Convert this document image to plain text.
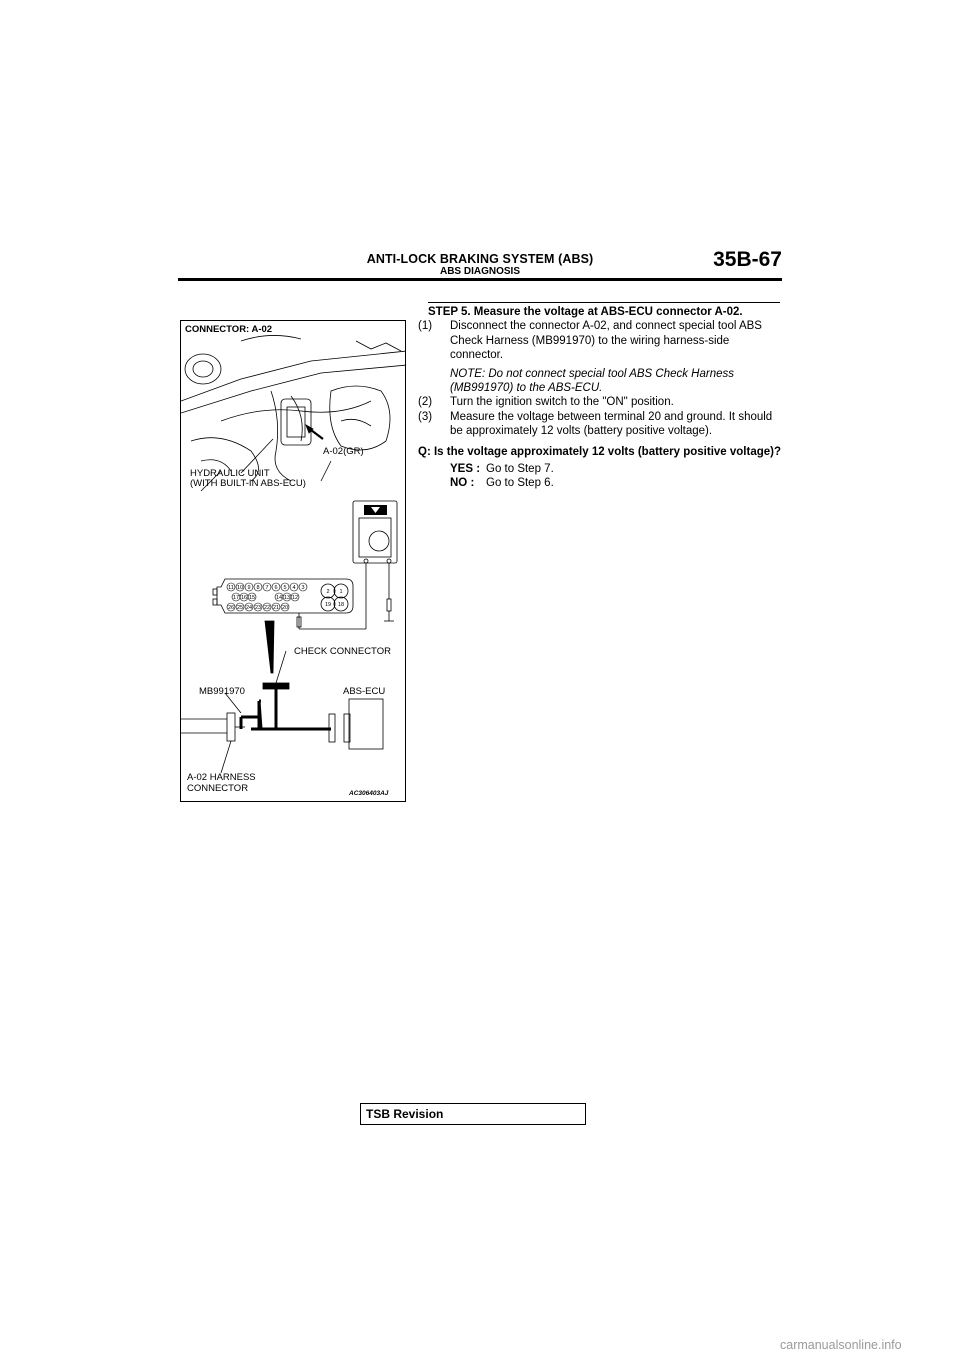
ANTI-LOCK BRAKING SYSTEM (ABS)
ABS DIAGNOSIS
35B-67
11 10 9 8 7 6 5 4 3
17 16 15	14 13 12
26 25 24 23 22 21 20
2 1
19 18
CONNECTOR: A-02
A-02(GR)
HYDRAULIC UNIT
(WITH BUILT-IN ABS-ECU)
CHECK CONNECTOR
MB991970	ABS-ECU
A-02 HARNESS
CONNECTOR	AC306403AJ

STEP 5. Measure the voltage at ABS-ECU connector A-02.

(1) Disconnect the connector A-02, and connect special tool ABS Check Harness (MB991970) to the wiring harness-side connector.

NOTE: Do not connect special tool ABS Check Harness (MB991970) to the ABS-ECU.

(2) Turn the ignition switch to the "ON" position.

(3) Measure the voltage between terminal 20 and ground. It should be approximately 12 volts (battery positive voltage).

Q: Is the voltage approximately 12 volts (battery positive voltage)?

YES : Go to Step 7.

NO : Go to Step 6.

TSB Revision
carmanualsonline.info
